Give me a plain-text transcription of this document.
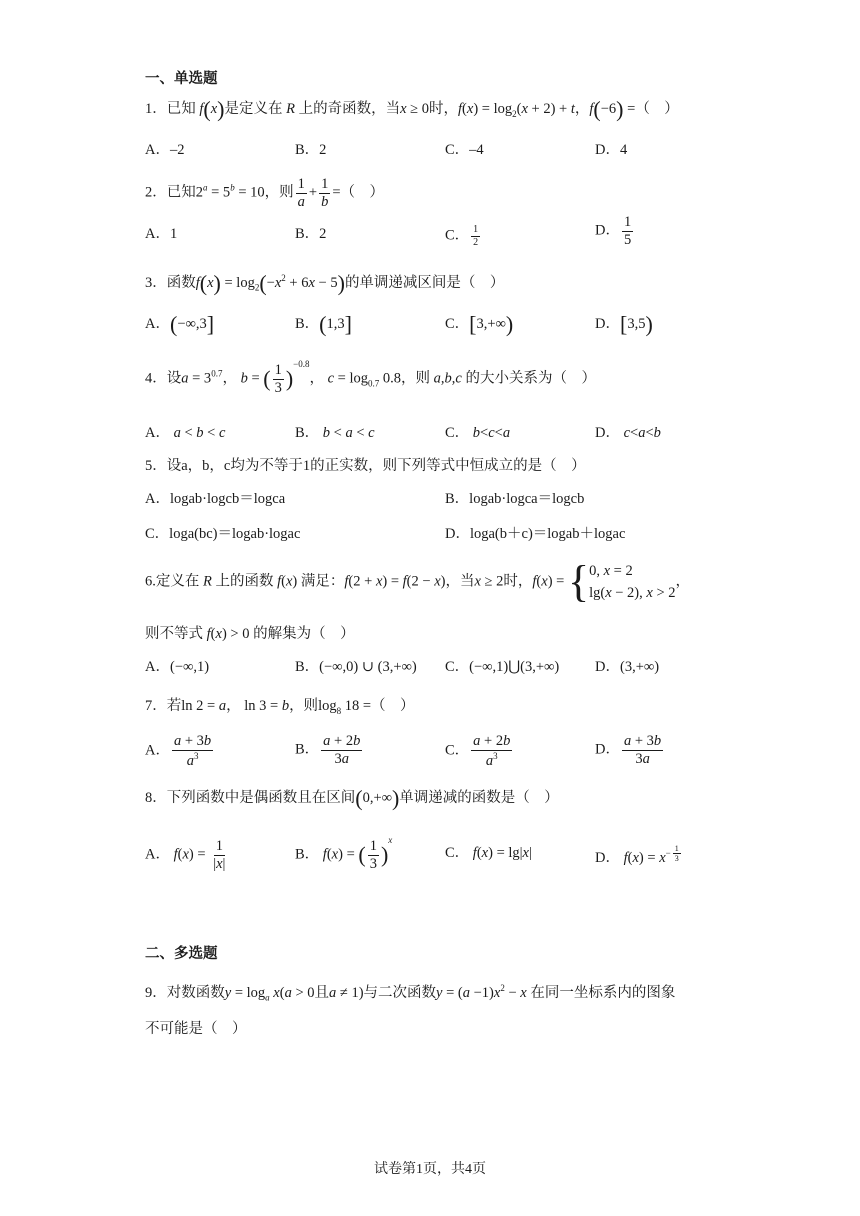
一、单选题
1．已知 f(x)是定义在 R 上的奇函数，当x ≥ 0时，$f(x) = \log_2(x + 2) + t$，f(−6) =（　）
A．–2	B．2	C．–4	D．4
2．已知$2^a = 5^b = 10$，则 $\frac{1}{a} + \frac{1}{b}$ =（　）
A．1	B．2	C． $\frac{1}{2}$	D． $\frac{1}{5}$
3．函数$f(x) = \log_2(-x^2 + 6x - 5)$的单调递减区间是（　）
A．(−∞,3]	B．(1,3]	C．[3,+∞)	D．[3,5)
4．设$a = 3^{0.7}$， b = ( $\frac{1}{3} )^{-0.8}$， $c = \log_{0.7} 0.8$，则 a,b,c 的大小关系为（　）
A． a < b < c	B． b < a < c	C． b<c<a	D． c<a<b
5．设a，b，c均为不等于1的正实数，则下列等式中恒成立的是（　）
A．logab·logcb＝logca	B．logab·logca＝logcb
C．loga(bc)＝logab·logac	D．loga(b＋c)＝logab＋logac
6.定义在 R 上的函数 f(x) 满足：f(2 + x) = f(2 − x)，当x ≥ 2时，f(x) = { 0, x = 2
lg(x − 2), x > 2
，
则不等式 f(x) > 0 的解集为（　）
A．(−∞,1)	B．(−∞,0) ∪ (3,+∞) C．(−∞,1)⋃(3,+∞) D．(3,+∞)
7．若ln 2 = a， ln 3 = b，则$\log_8 18$ =（　）
A． $\frac{a + 3b}{a^3}$	B． $\frac{a + 2b}{3a}$	C． $\frac{a + 2b}{a^3}$	D． $\frac{a + 3b}{3a}$
8．下列函数中是偶函数且在区间(0,+∞)单调递减的函数是（　）
A． $f(x) = \frac{1}{|x|}$	B． f(x) = ( $\frac{1}{3} )^x$
C． f(x) = lg|x|	D． $f(x) = x^{- \frac{1}{3}}$
二、多选题
9．对数函数$y = \log_a x(a > 0$且a ≠ 1)与二次函数$y = (a -1)x^2 - x$ 在同一坐标系内的图象
不可能是（　）
试卷第1页，共4页
